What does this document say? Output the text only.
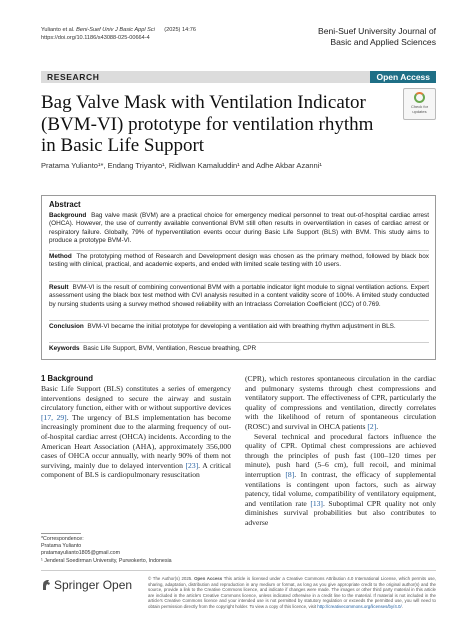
Yulianto et al. Beni-Suef Univ J Basic Appl Sci (2025) 14:76
https://doi.org/10.1186/s43088-025-00664-4
Beni-Suef University Journal of
Basic and Applied Sciences
RESEARCH	Open Access
Check for
updates
Bag Valve Mask with Ventilation Indicator (BVM-VI) prototype for ventilation rhythm in Basic Life Support
Pratama Yulianto¹*, Endang Triyanto¹, Ridlwan Kamaluddin¹ and Adhe Akbar Azanni¹
Abstract
Background Bag valve mask (BVM) are a practical choice for emergency medical personnel to treat out-of-hospital cardiac arrest (OHCA). However, the use of currently available conventional BVM still often results in overventilation in cases of cardiac arrest or respiratory failure. Globally, 79% of hyperventilation events occur during Basic Life Support (BLS) with BVM. This study aims to produce a prototype BVM-VI.
Method The prototyping method of Research and Development design was chosen as the primary method, followed by black box testing with clinical, practical, and academic experts, and ended with limited scale testing with 10 users.
Result BVM-VI is the result of combining conventional BVM with a portable indicator light module to signal ventilation actions. Expert assessment using the black box test method with CVI analysis resulted in a content validity score of 100%. A limited study conducted by nursing students using a survey method showed reliability with an Intraclass Correlation Coefficient (ICC) of 0.769.
Conclusion BVM-VI became the initial prototype for developing a ventilation aid with breathing rhythm adjustment in BLS.
Keywords Basic Life Support, BVM, Ventilation, Rescue breathing, CPR
1 Background
Basic Life Support (BLS) constitutes a series of emergency interventions designed to secure the airway and sustain circulatory function, either with or without supportive devices [17, 29]. The urgency of BLS implementation has become increasingly prominent due to the alarming frequency of out-of-hospital cardiac arrest (OHCA) incidents. According to the American Heart Association (AHA), approximately 356,000 cases of OHCA occur annually, with nearly 90% of them not surviving, mainly due to delayed intervention [23]. A critical component of BLS is cardiopulmonary resuscitation
(CPR), which restores spontaneous circulation in the cardiac and pulmonary systems through chest compressions and ventilatory support. The effectiveness of CPR, particularly the quality of compressions and ventilation, directly correlates with the likelihood of return of spontaneous circulation (ROSC) and survival in OHCA patients [2].
Several technical and procedural factors influence the quality of CPR. Optimal chest compressions are achieved through the principles of push fast (100–120 times per minute), push hard (5–6 cm), full recoil, and minimal interruption [8]. In contrast, the efficacy of supplemental ventilations is contingent upon factors, such as airway patency, tidal volume, compatibility of ventilatory equipment, and ventilation rate [13]. Suboptimal CPR quality not only diminishes survival probabilities but also contributes to adverse
*Correspondence:
Pratama Yulianto
pratamayulianto1805@gmail.com
¹ Jenderal Soedirman University, Purwokerto, Indonesia
Springer Open	© The Author(s) 2025. Open Access This article is licensed under a Creative Commons Attribution 4.0 International License, which permits use, sharing, adaptation, distribution and reproduction in any medium or format, as long as you give appropriate credit to the original author(s) and the source, provide a link to the Creative Commons licence, and indicate if changes were made. The images or other third party material in this article are included in the article's Creative Commons licence, unless indicated otherwise in a credit line to the material. If material is not included in the article's Creative Commons licence and your intended use is not permitted by statutory regulation or exceeds the permitted use, you will need to obtain permission directly from the copyright holder. To view a copy of this licence, visit http://creativecommons.org/licenses/by/4.0/.
